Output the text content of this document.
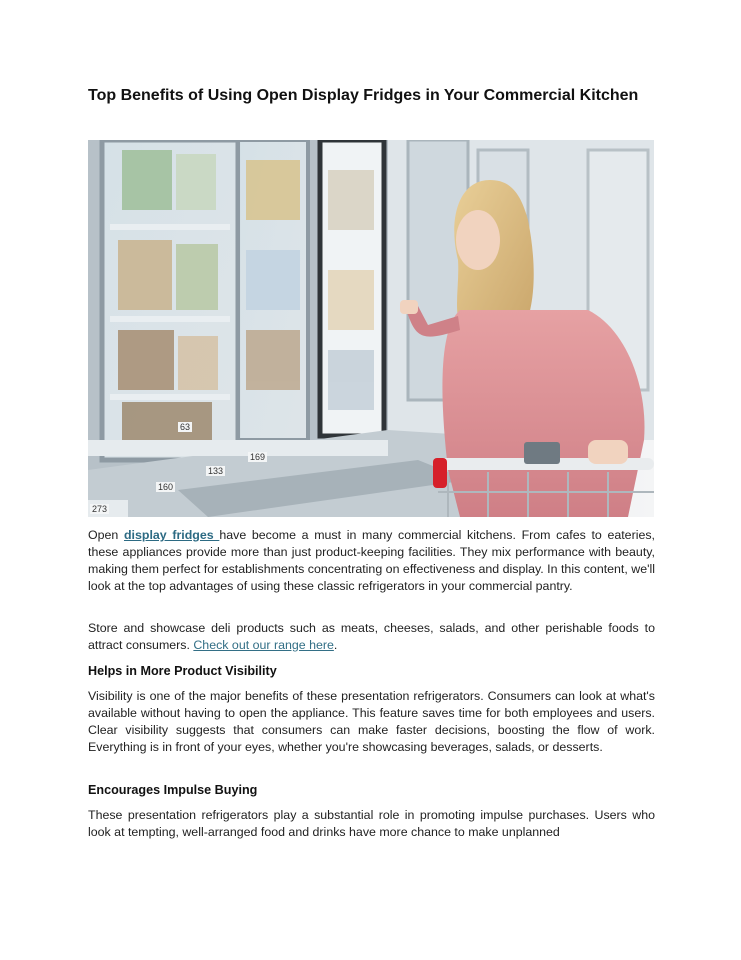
Top Benefits of Using Open Display Fridges in Your Commercial Kitchen
63
160
133
169
273

Open display fridges have become a must in many commercial kitchens. From cafes to eateries, these appliances provide more than just product-keeping facilities. They mix performance with beauty, making them perfect for establishments concentrating on effectiveness and display. In this content, we'll look at the top advantages of using these classic refrigerators in your commercial pantry.

Store and showcase deli products such as meats, cheeses, salads, and other perishable foods to attract consumers. Check out our range here.

Helps in More Product Visibility

Visibility is one of the major benefits of these presentation refrigerators. Consumers can look at what's available without having to open the appliance. This feature saves time for both employees and users. Clear visibility suggests that consumers can make faster decisions, boosting the flow of work. Everything is in front of your eyes, whether you're showcasing beverages, salads, or desserts.

Encourages Impulse Buying

These presentation refrigerators play a substantial role in promoting impulse purchases. Users who look at tempting, well-arranged food and drinks have more chance to make unplanned
